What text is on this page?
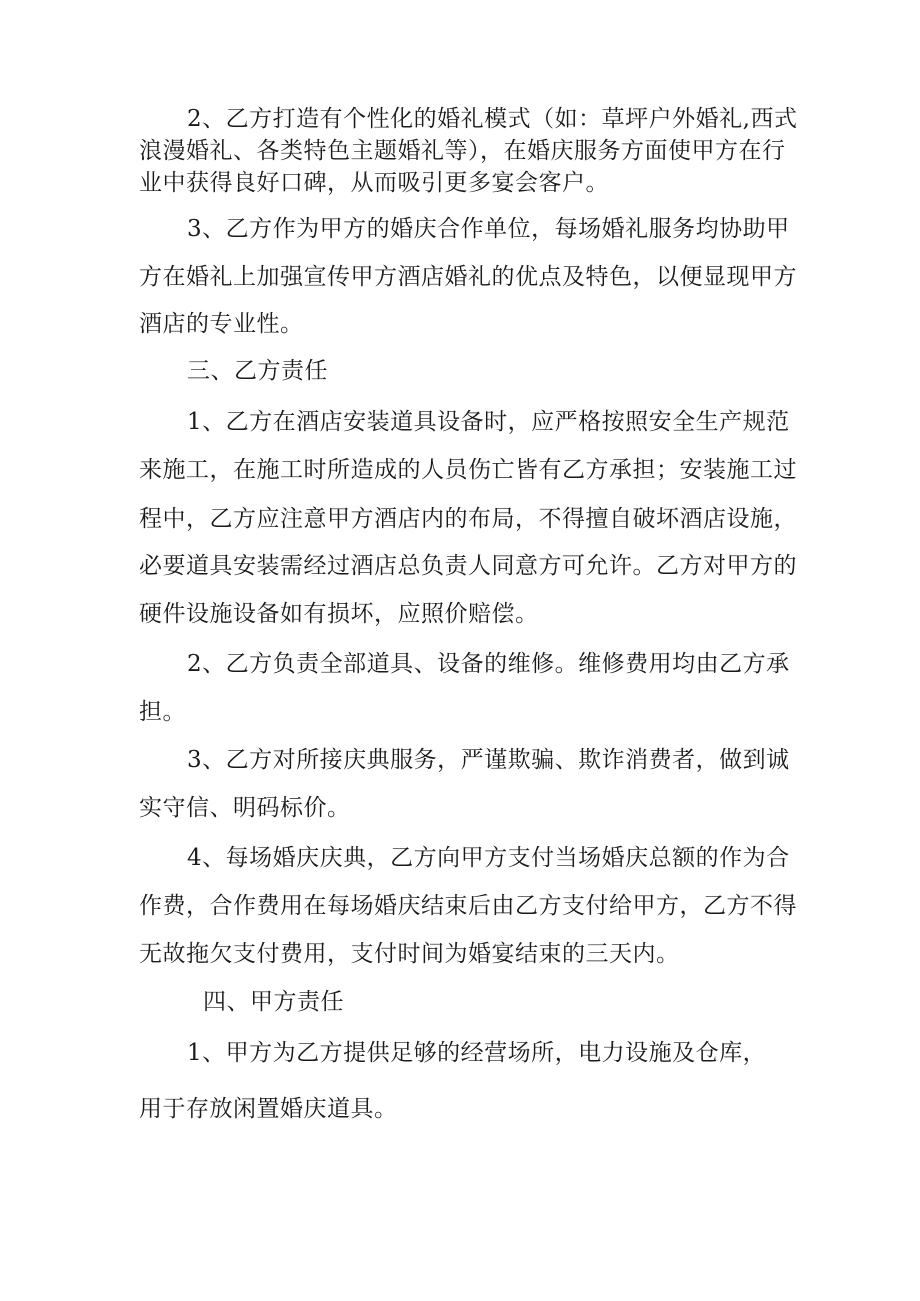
2、乙方打造有个性化的婚礼模式（如：草坪户外婚礼,西式
浪漫婚礼、各类特色主题婚礼等），在婚庆服务方面使甲方在行
业中获得良好口碑，从而吸引更多宴会客户。
3、乙方作为甲方的婚庆合作单位，每场婚礼服务均协助甲
方在婚礼上加强宣传甲方酒店婚礼的优点及特色，以便显现甲方
酒店的专业性。
三、乙方责任
1、乙方在酒店安装道具设备时，应严格按照安全生产规范
来施工，在施工时所造成的人员伤亡皆有乙方承担；安装施工过
程中，乙方应注意甲方酒店内的布局，不得擅自破坏酒店设施，
必要道具安装需经过酒店总负责人同意方可允许。乙方对甲方的
硬件设施设备如有损坏，应照价赔偿。
2、乙方负责全部道具、设备的维修。维修费用均由乙方承
担。
3、乙方对所接庆典服务，严谨欺骗、欺诈消费者，做到诚
实守信、明码标价。
4、每场婚庆庆典，乙方向甲方支付当场婚庆总额的作为合
作费，合作费用在每场婚庆结束后由乙方支付给甲方，乙方不得
无故拖欠支付费用，支付时间为婚宴结束的三天内。
四、甲方责任
1、甲方为乙方提供足够的经营场所，电力设施及仓库，
用于存放闲置婚庆道具。
